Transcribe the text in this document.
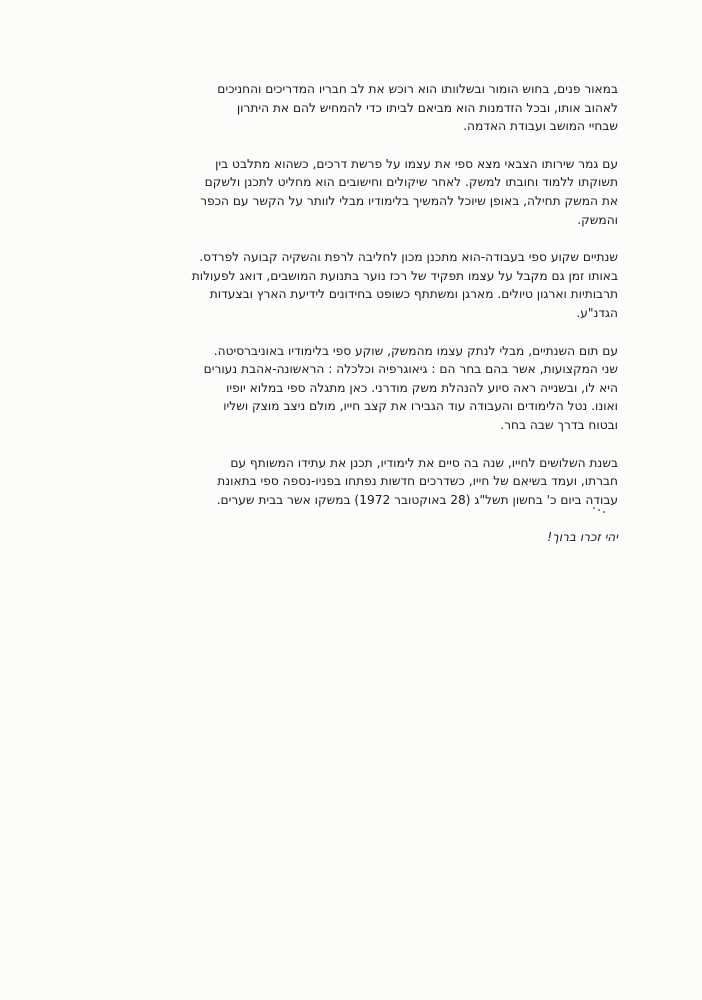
במאור פנים, בחוש הומור ובשלוותו הוא רוכש את לב חבריו המדריכים והחניכים
לאהוב אותו, ובכל הזדמנות הוא מביאם לביתו כדי להמחיש להם את היתרון
שבחיי המושב ועבודת האדמה.

עם גמר שירותו הצבאי מצא ספי את עצמו על פרשת דרכים, כשהוא מתלבט בין
תשוקתו ללמוד וחובתו למשק. לאחר שיקולים וחישובים הוא מחליט לתכנן ולשקם
את המשק תחילה, באופן שיוכל להמשיך בלימודיו מבלי לוותר על הקשר עם הכפר
והמשק.

שנתיים שקוע ספי בעבודה-הוא מתכנן מכון לחליבה לרפת והשקיה קבועה לפרדס.
באותו זמן גם מקבל על עצמו תפקיד של רכז נוער בתנועת המושבים, דואג לפעולות
תרבותיות וארגון טיולים. מארגן ומשתתף כשופט בחידונים לידיעת הארץ ובצעדות
הגדנ"ע.

עם תום השנתיים, מבלי לנתק עצמו מהמשק, שוקע ספי בלימודיו באוניברסיטה.
שני המקצועות, אשר בהם בחר הם : גיאוגרפיה וכלכלה : הראשונה-אהבת נעורים
היא לו, ובשנייה ראה סיוע להנהלת משק מודרני. כאן מתגלה ספי במלוא יופיו
ואונו. נטל הלימודים והעבודה עוד הגבירו את קצב חייו, מולם ניצב מוצק ושליו
ובטוח בדרך שבה בחר.

בשנת השלושים לחייו, שנה בה סיים את לימודיו, תכנן את עתידו המשותף עם
חברתו, ועמד בשיאם של חייו, כשדרכים חדשות נפתחו בפניו-נספה ספי בתאונת
עבודה ביום כ' בחשון תשל"ג (28 באוקטובר 1972) במשקו אשר בבית שערים.

יהי זכרו ברוך!
